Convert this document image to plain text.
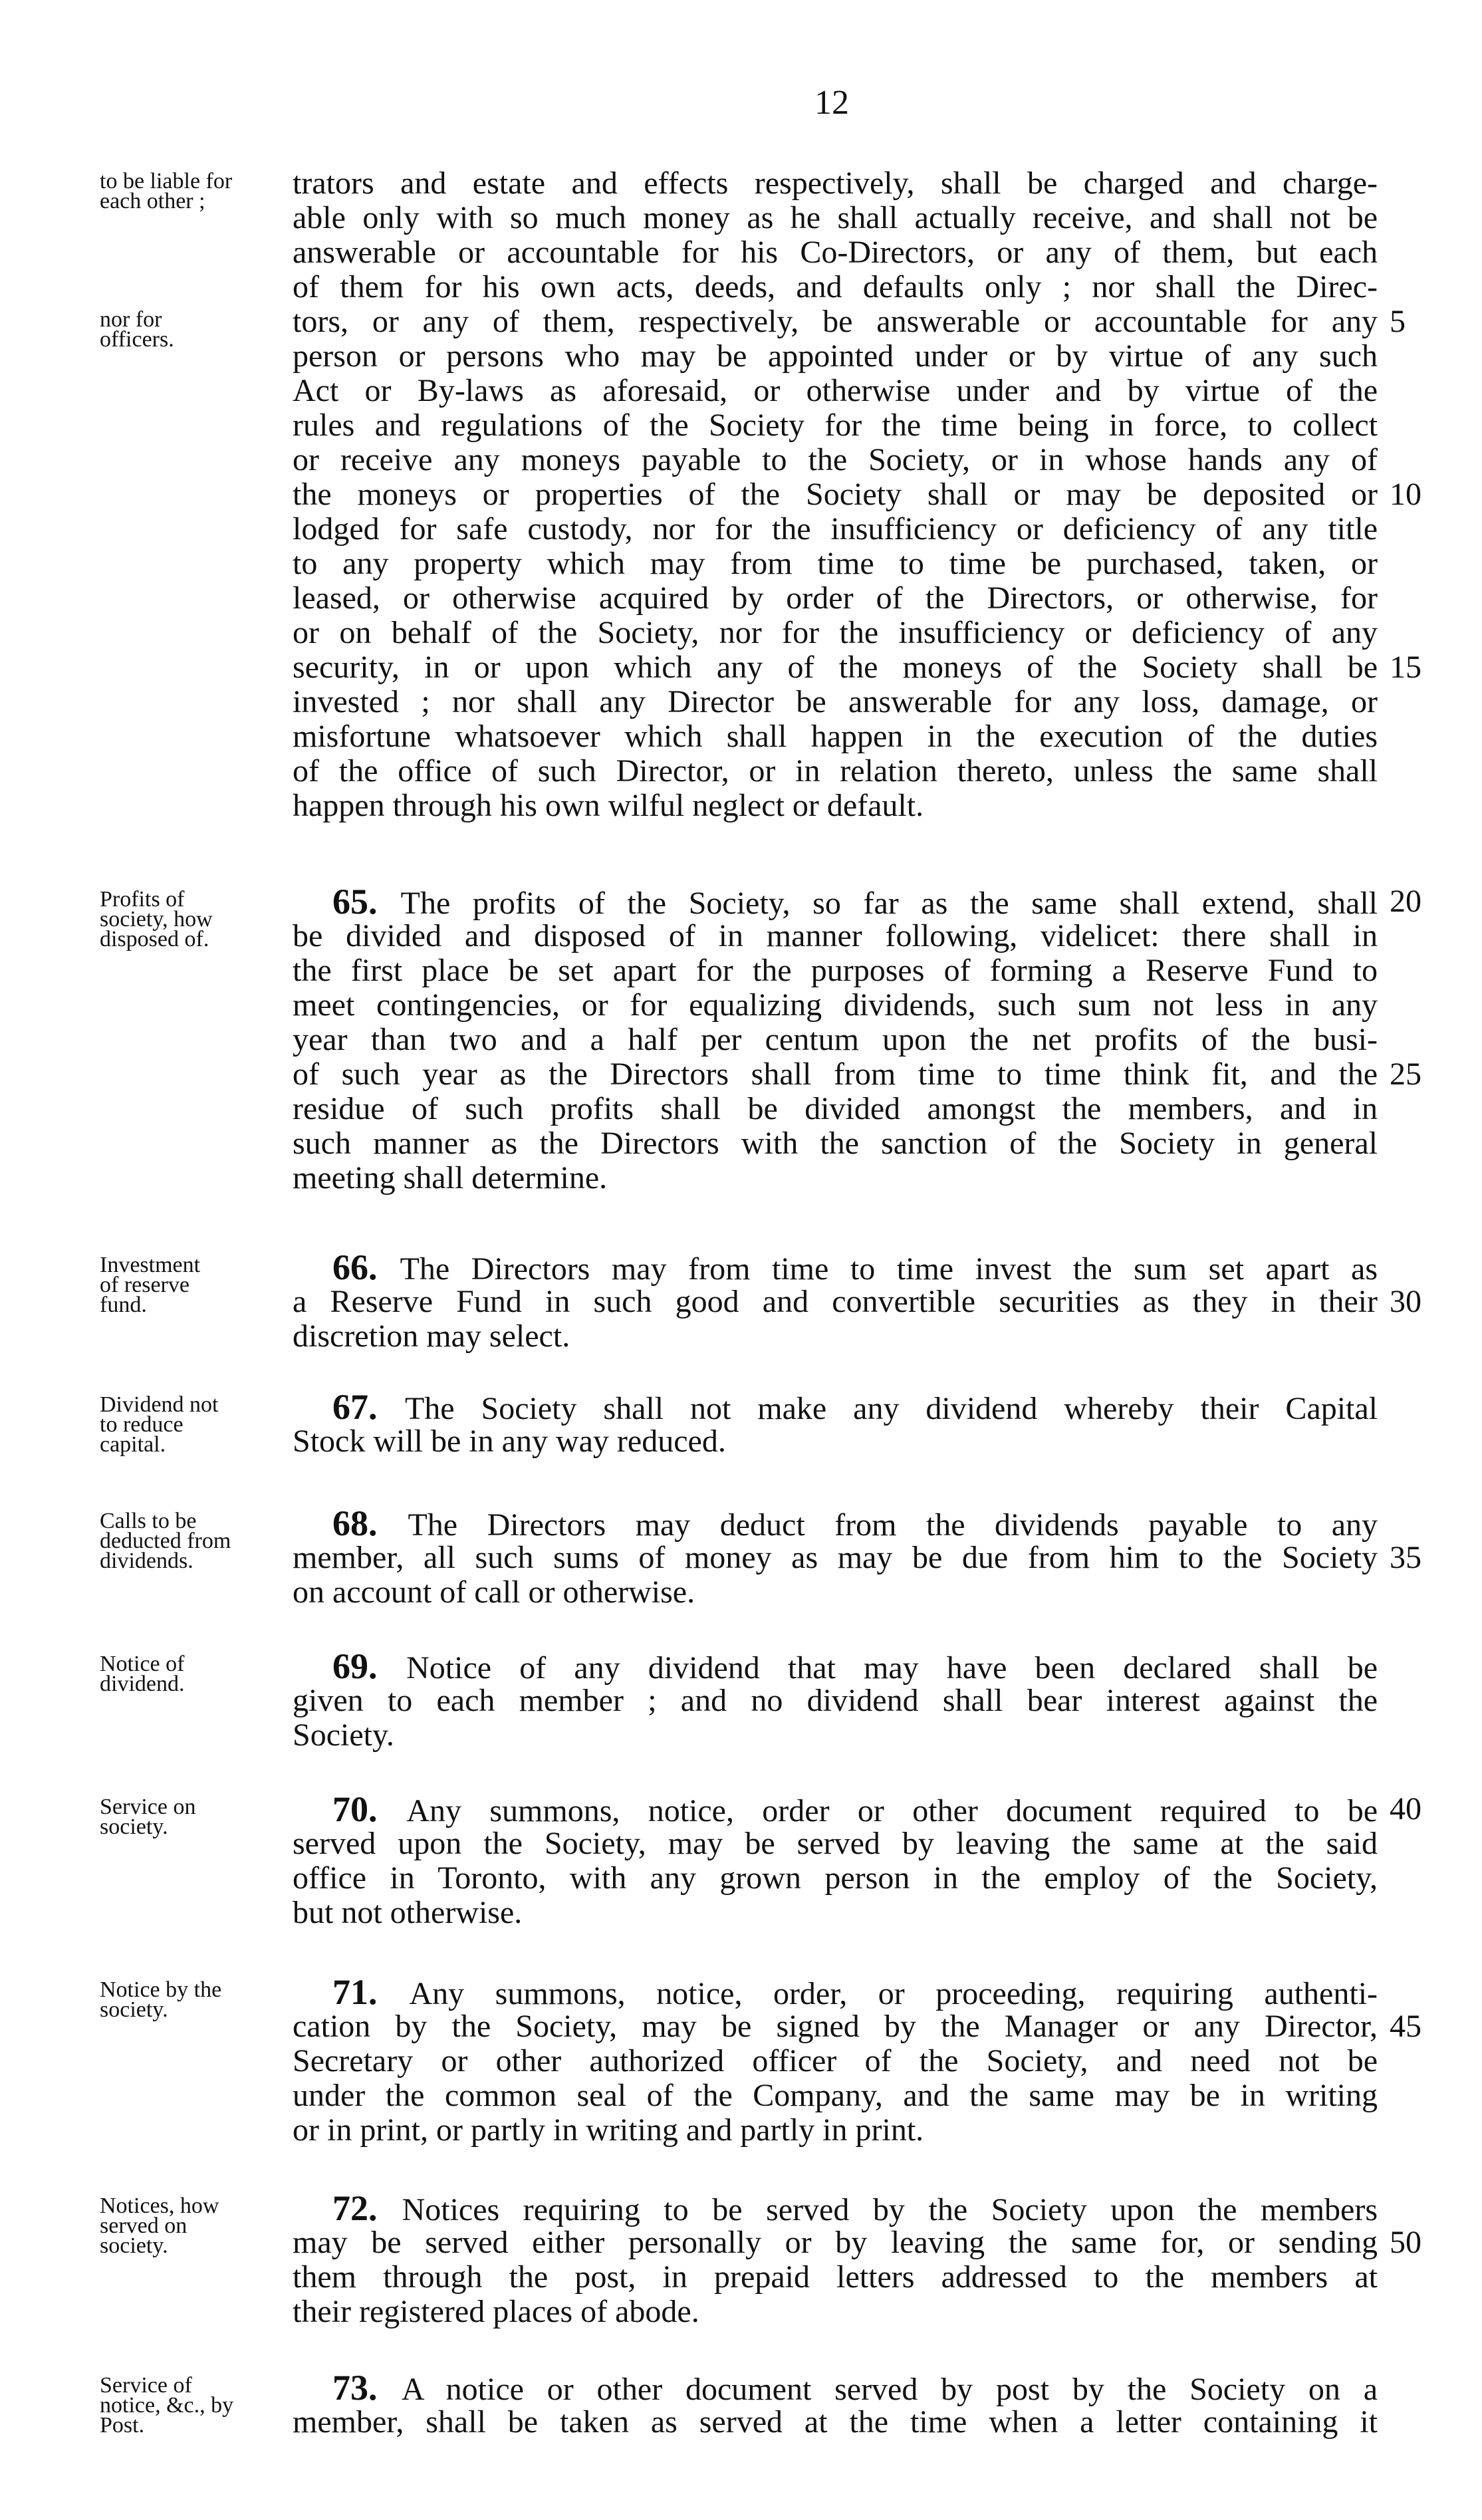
12
to be liable for
each other ;
nor for
officers.
trators and estate and effects respectively, shall be charged and charge-
able only with so much money as he shall actually receive, and shall not be
answerable or accountable for his Co-Directors, or any of them, but each
of them for his own acts, deeds, and defaults only ; nor shall the Direc-
tors, or any of them, respectively, be answerable or accountable for any
person or persons who may be appointed under or by virtue of any such
Act or By-laws as aforesaid, or otherwise under and by virtue of the
rules and regulations of the Society for the time being in force, to collect
or receive any moneys payable to the Society, or in whose hands any of
the moneys or properties of the Society shall or may be deposited or
lodged for safe custody, nor for the insufficiency or deficiency of any title
to any property which may from time to time be purchased, taken, or
leased, or otherwise acquired by order of the Directors, or otherwise, for
or on behalf of the Society, nor for the insufficiency or deficiency of any
security, in or upon which any of the moneys of the Society shall be
invested ; nor shall any Director be answerable for any loss, damage, or
misfortune whatsoever which shall happen in the execution of the duties
of the office of such Director, or in relation thereto, unless the same shall
happen through his own wilful neglect or default.
5
10
15
Profits of
society, how
disposed of.
65. The profits of the Society, so far as the same shall extend, shall
be divided and disposed of in manner following, videlicet: there shall in
the first place be set apart for the purposes of forming a Reserve Fund to
meet contingencies, or for equalizing dividends, such sum not less in any
year than two and a half per centum upon the net profits of the busi-
of such year as the Directors shall from time to time think fit, and the
residue of such profits shall be divided amongst the members, and in
such manner as the Directors with the sanction of the Society in general
meeting shall determine.
20
25
Investment
of reserve
fund.
66. The Directors may from time to time invest the sum set apart as
a Reserve Fund in such good and convertible securities as they in their
discretion may select.
30
Dividend not
to reduce
capital.
67. The Society shall not make any dividend whereby their Capital
Stock will be in any way reduced.
Calls to be
deducted from
dividends.
68. The Directors may deduct from the dividends payable to any
member, all such sums of money as may be due from him to the Society
on account of call or otherwise.
35
Notice of
dividend.	69. Notice of any dividend that may have been declared shall be
given to each member ; and no dividend shall bear interest against the
Society.
Service on
society.	70. Any summons, notice, order or other document required to be
served upon the Society, may be served by leaving the same at the said
office in Toronto, with any grown person in the employ of the Society,
but not otherwise.
40
Notice by the
society.	71. Any summons, notice, order, or proceeding, requiring authenti-
cation by the Society, may be signed by the Manager or any Director,
Secretary or other authorized officer of the Society, and need not be
under the common seal of the Company, and the same may be in writing
or in print, or partly in writing and partly in print.
45
Notices, how
served on
society.
72. Notices requiring to be served by the Society upon the members
may be served either personally or by leaving the same for, or sending
them through the post, in prepaid letters addressed to the members at
their registered places of abode.
50
Service of
notice, &c., by
Post.
73. A notice or other document served by post by the Society on a
member, shall be taken as served at the time when a letter containing it
